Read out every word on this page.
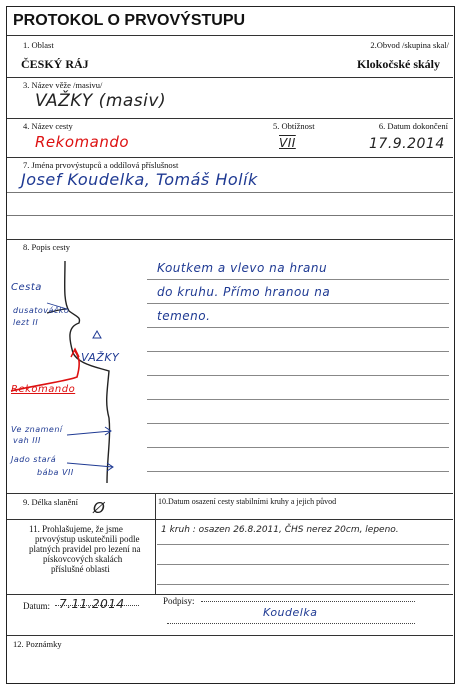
PROTOKOL O PRVOVÝSTUPU
1. Oblast
ČESKÝ RÁJ
2.Obvod /skupina skal/
Klokočské skály
3. Název věže /masivu/
VAŽKY (masiv)
4. Název cesty
Rekomando
5. Obtížnost
VII
6. Datum dokončení
17.9.2014
7. Jména prvovýstupců a oddílová příslušnost
Josef Koudelka, Tomáš Holík
8. Popis cesty
Koutkem a vlevo na hranu
do kruhu. Přímo hranou na
temeno.
Cesta
dusatováčko
lezt II
VAŽKY
Rekomando
Ve znamení
vah III
Jado stará
bába VII
9. Délka slanění Ø	10.Datum osazení cesty stabilními kruhy a jejich původ
11. Prohlašujeme, že jsme
prvovýstup uskutečnili podle
platných pravidel pro lezení na
pískovcových skalách
příslušné oblasti
1 kruh : osazen 26.8.2011, ČHS nerez 20cm, lepeno.
Datum: 7.11.2014	Podpisy:
Koudelka
12. Poznámky
